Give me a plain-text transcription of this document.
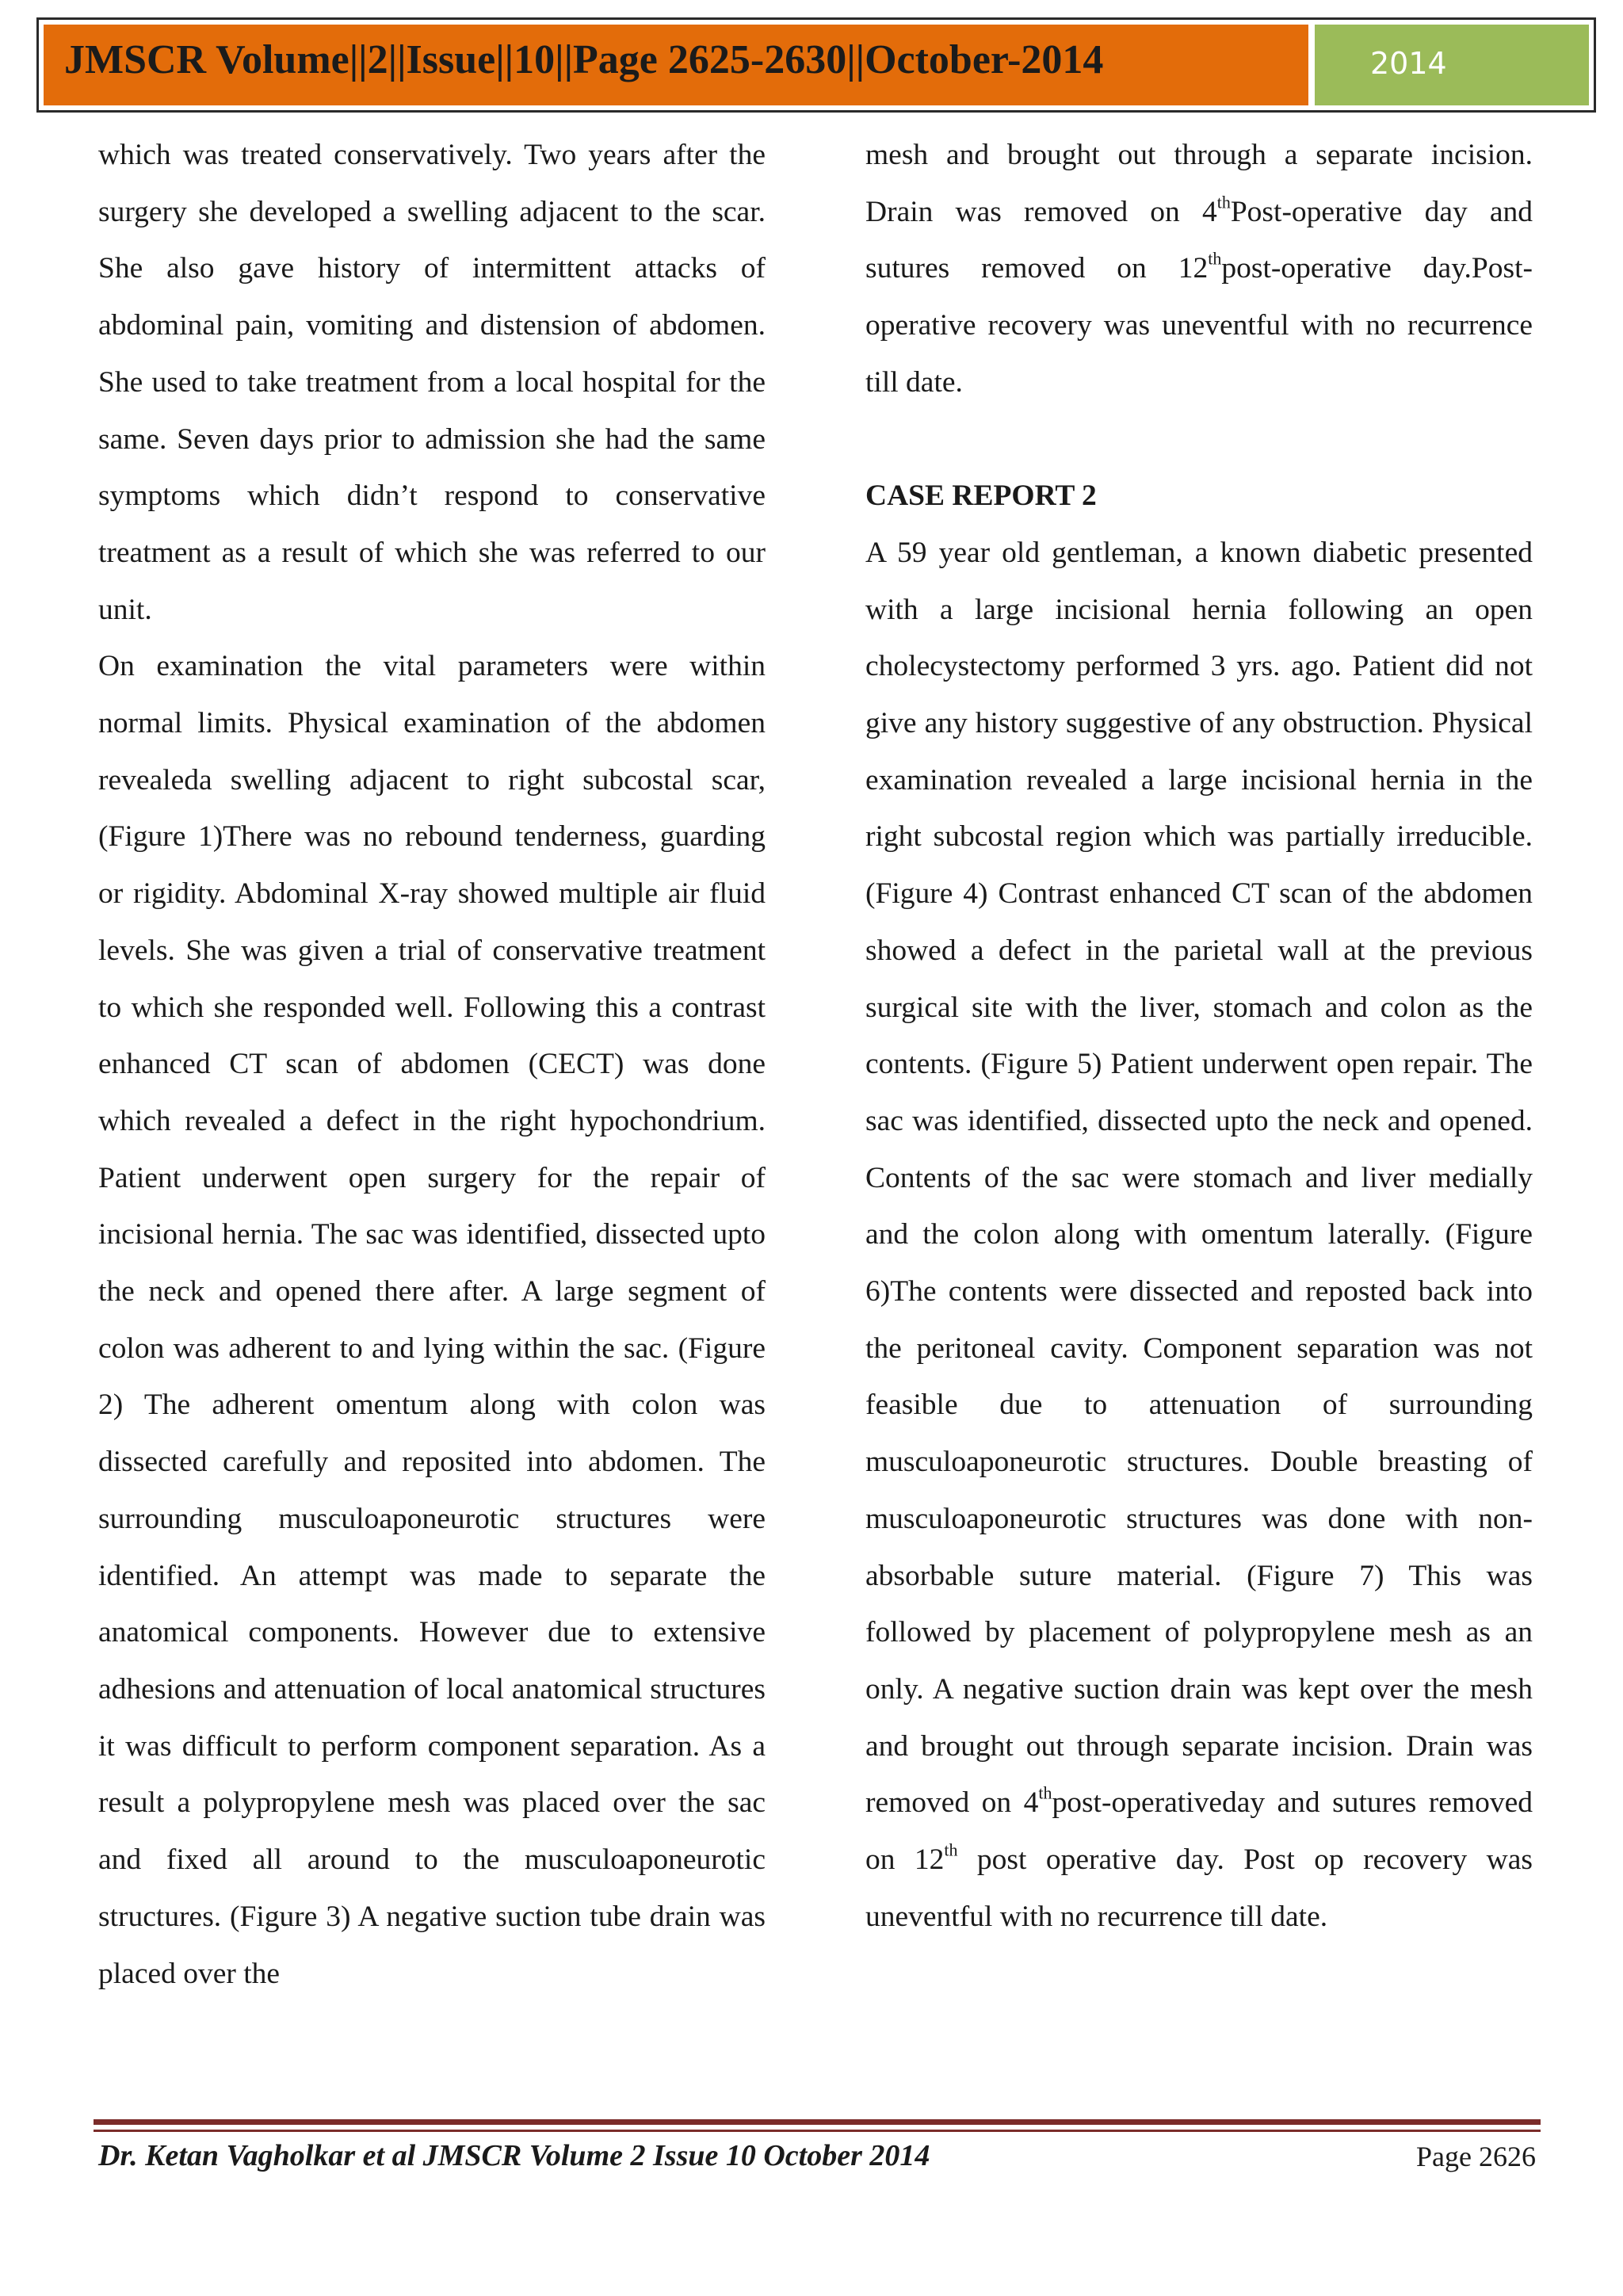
JMSCR Volume||2||Issue||10||Page 2625-2630||October-2014	2014

which was treated conservatively. Two years after the surgery she developed a swelling adjacent to the scar. She also gave history of intermittent attacks of abdominal pain, vomiting and distension of abdomen. She used to take treatment from a local hospital for the same. Seven days prior to admission she had the same symptoms which didn’t respond to conservative treatment as a result of which she was referred to our unit.

On examination the vital parameters were within normal limits. Physical examination of the abdomen revealeda swelling adjacent to right subcostal scar, (Figure 1)There was no rebound tenderness, guarding or rigidity. Abdominal X-ray showed multiple air fluid levels. She was given a trial of conservative treatment to which she responded well. Following this a contrast enhanced CT scan of abdomen (CECT) was done which revealed a defect in the right hypochondrium. Patient underwent open surgery for the repair of incisional hernia. The sac was identified, dissected upto the neck and opened there after. A large segment of colon was adherent to and lying within the sac. (Figure 2) The adherent omentum along with colon was dissected carefully and reposited into abdomen. The surrounding musculoaponeurotic structures were identified. An attempt was made to separate the anatomical components. However due to extensive adhesions and attenuation of local anatomical structures it was difficult to perform component separation. As a result a polypropylene mesh was placed over the sac and fixed all around to the musculoaponeurotic structures. (Figure 3) A negative suction tube drain was placed over the

mesh and brought out through a separate incision. Drain was removed on 4thPost-operative day and sutures removed on 12thpost-operative day.Post-operative recovery was uneventful with no recurrence till date.

CASE REPORT 2

A 59 year old gentleman, a known diabetic presented with a large incisional hernia following an open cholecystectomy performed 3 yrs. ago. Patient did not give any history suggestive of any obstruction. Physical examination revealed a large incisional hernia in the right subcostal region which was partially irreducible. (Figure 4) Contrast enhanced CT scan of the abdomen showed a defect in the parietal wall at the previous surgical site with the liver, stomach and colon as the contents. (Figure 5) Patient underwent open repair. The sac was identified, dissected upto the neck and opened. Contents of the sac were stomach and liver medially and the colon along with omentum laterally. (Figure 6)The contents were dissected and reposted back into the peritoneal cavity. Component separation was not feasible due to attenuation of surrounding musculoaponeurotic structures. Double breasting of musculoaponeurotic structures was done with non-absorbable suture material. (Figure 7) This was followed by placement of polypropylene mesh as an only. A negative suction drain was kept over the mesh and brought out through separate incision. Drain was removed on 4thpost-operativeday and sutures removed on 12th post operative day. Post op recovery was uneventful with no recurrence till date.

Dr. Ketan Vagholkar et al JMSCR Volume 2 Issue 10 October 2014	Page 2626
